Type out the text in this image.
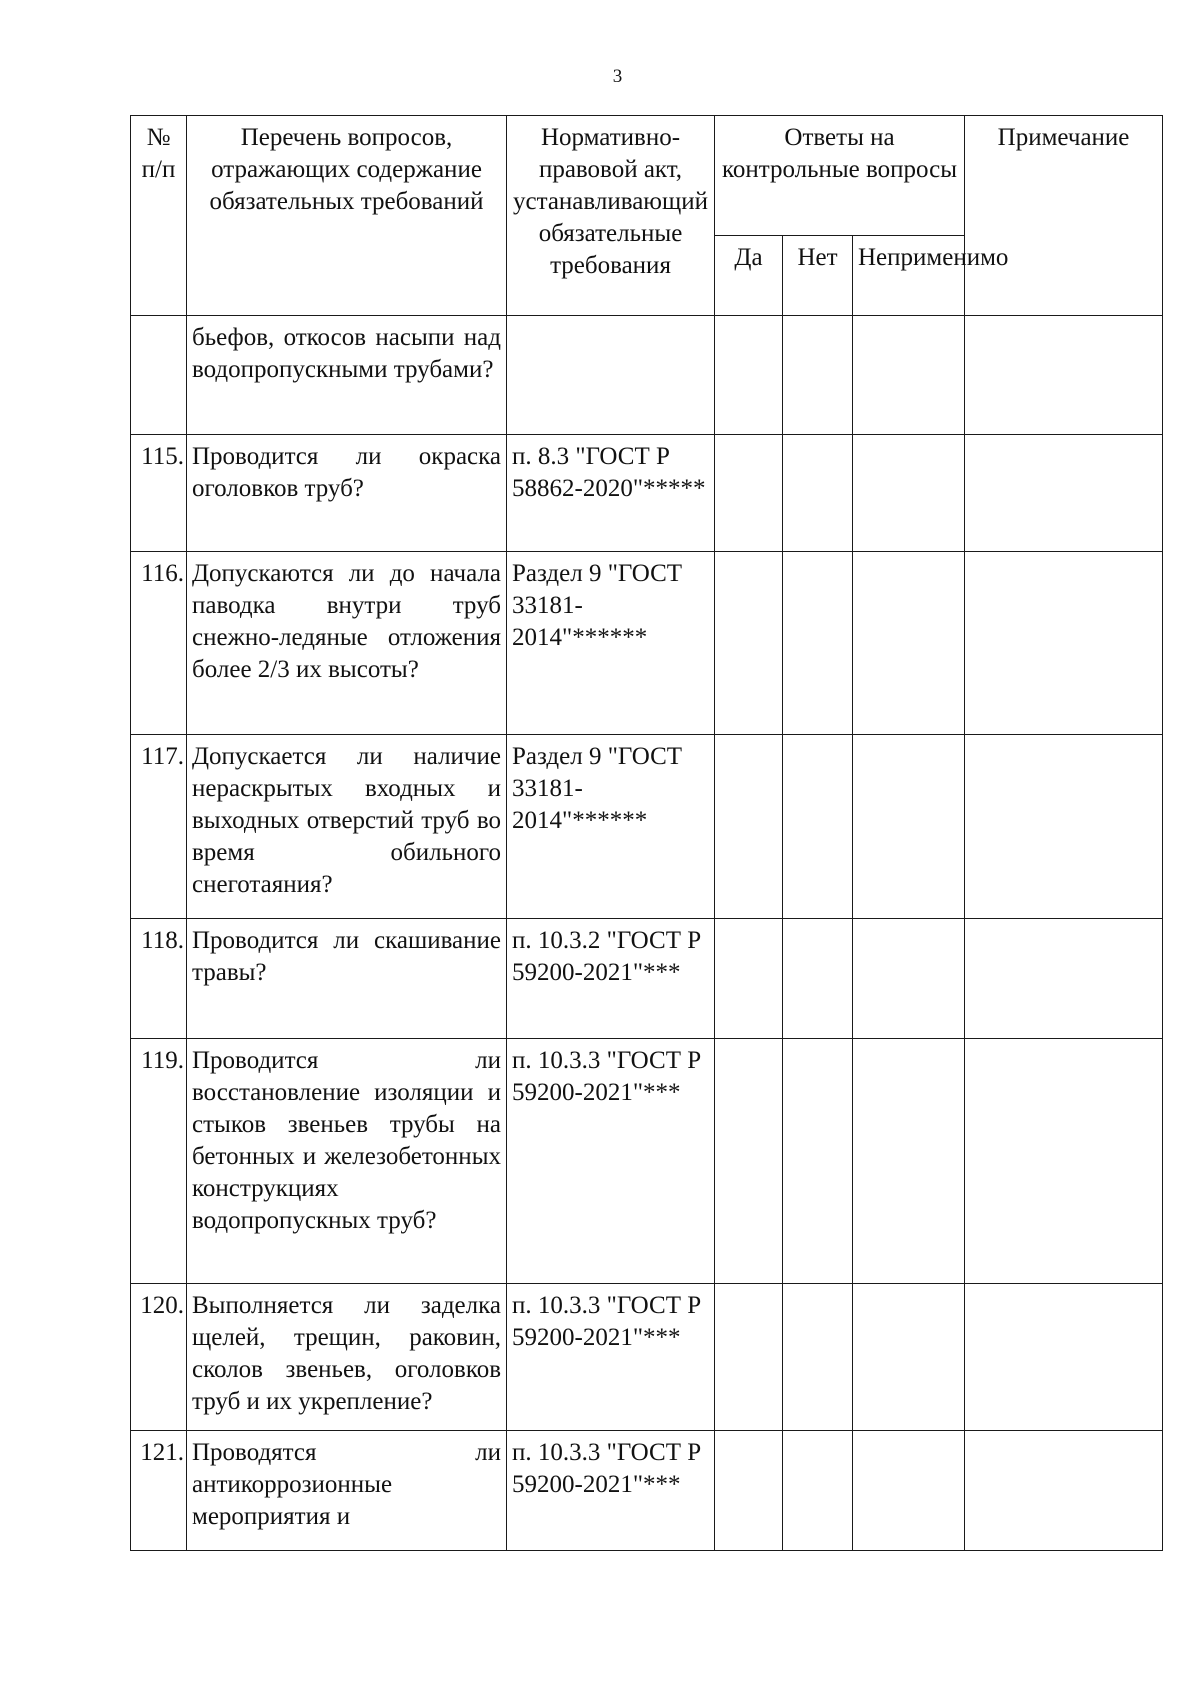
3
№ п/п	Перечень вопросов, отражающих содержание обязательных требований	Нормативно-правовой акт, устанавливающий обязательные требования	Ответы на контрольные вопросы			Примечание
			Да	Нет	Неприменимо	
	бьефов, откосов насыпи над водопропускными трубами?					
115.	Проводится ли окраска оголовков труб?	п. 8.3 "ГОСТ Р 58862-2020"*****				
116.	Допускаются ли до начала паводка внутри труб снежно-ледяные отложения более 2/3 их высоты?	Раздел 9 "ГОСТ 33181-2014"******				
117.	Допускается ли наличие нераскрытых входных и выходных отверстий труб во время обильного снеготаяния?	Раздел 9 "ГОСТ 33181-2014"******				
118.	Проводится ли скашивание травы?	п. 10.3.2 "ГОСТ Р 59200-2021"***				
119.	Проводится ли восстановление изоляции и стыков звеньев трубы на бетонных и железобетонных конструкциях водопропускных труб?	п. 10.3.3 "ГОСТ Р 59200-2021"***				
120.	Выполняется ли заделка щелей, трещин, раковин, сколов звеньев, оголовков труб и их укрепление?	п. 10.3.3 "ГОСТ Р 59200-2021"***				
121.	Проводятся ли антикоррозионные мероприятия и	п. 10.3.3 "ГОСТ Р 59200-2021"***				
